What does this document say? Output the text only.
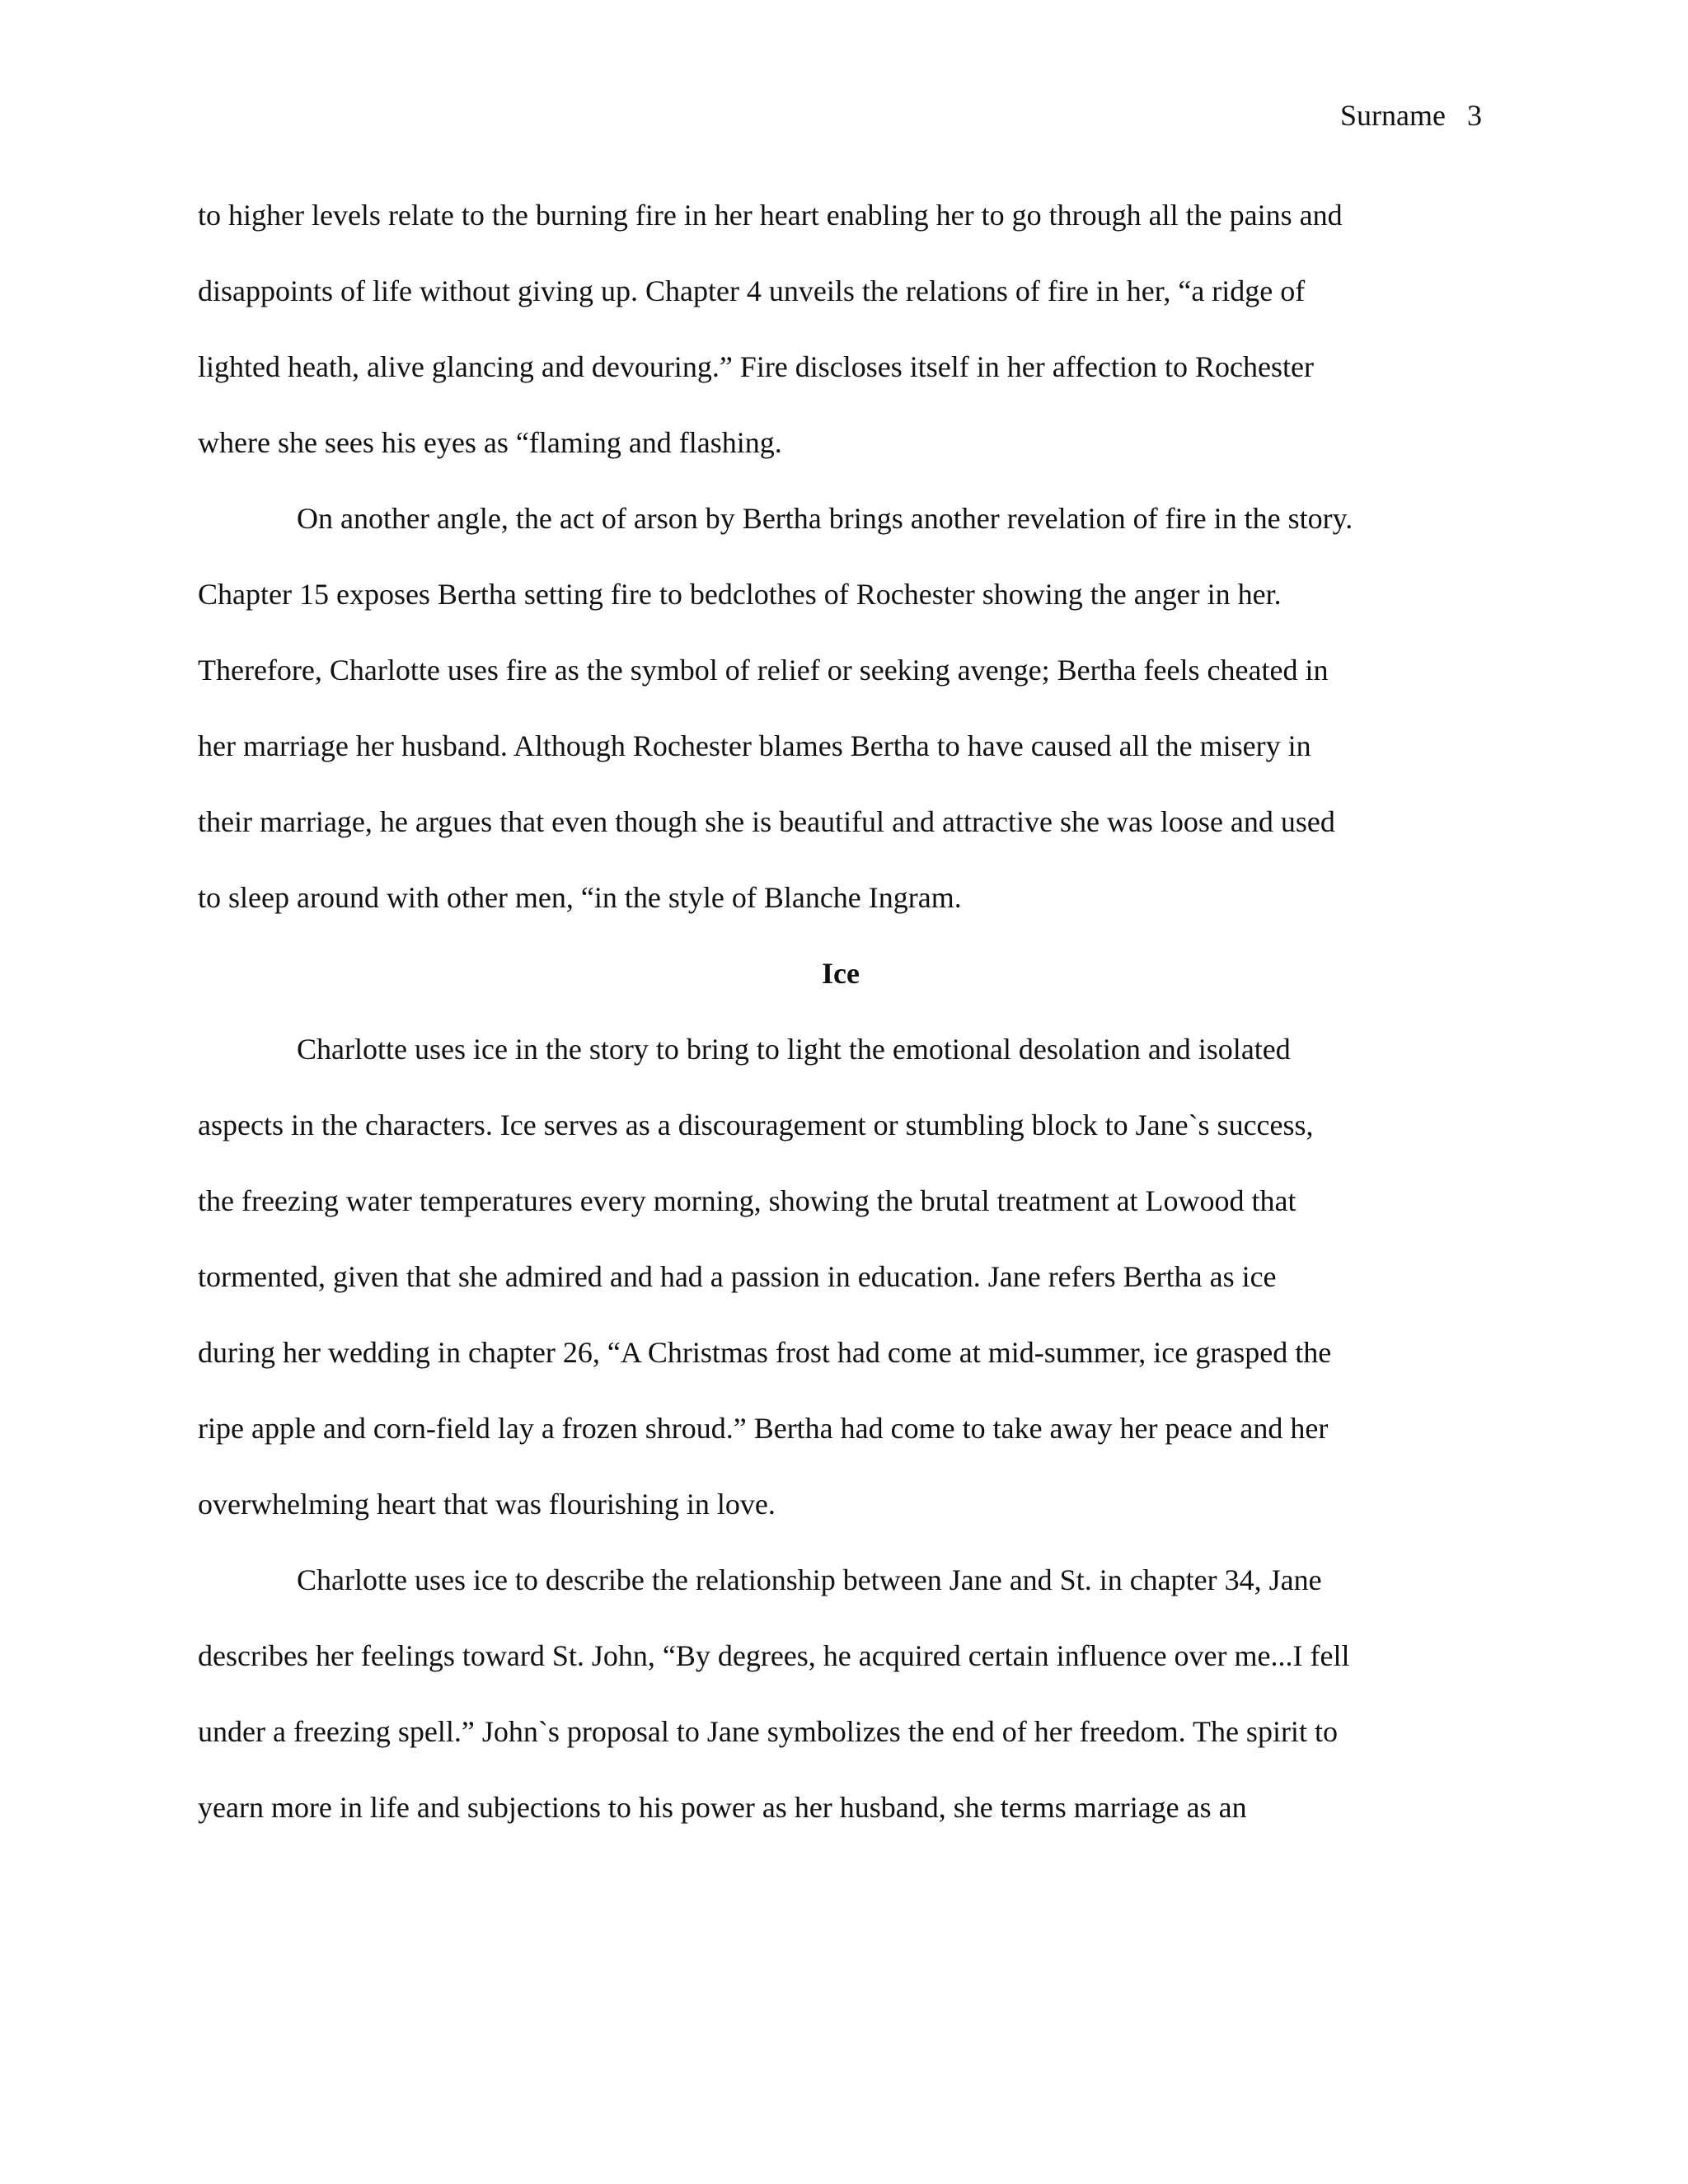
Surname 3
to higher levels relate to the burning fire in her heart enabling her to go through all the pains and
disappoints of life without giving up. Chapter 4 unveils the relations of fire in her, “a ridge of
lighted heath, alive glancing and devouring.” Fire discloses itself in her affection to Rochester
where she sees his eyes as “flaming and flashing.
On another angle, the act of arson by Bertha brings another revelation of fire in the story.
Chapter 15 exposes Bertha setting fire to bedclothes of Rochester showing the anger in her.
Therefore, Charlotte uses fire as the symbol of relief or seeking avenge; Bertha feels cheated in
her marriage her husband. Although Rochester blames Bertha to have caused all the misery in
their marriage, he argues that even though she is beautiful and attractive she was loose and used
to sleep around with other men, “in the style of Blanche Ingram.
Ice
Charlotte uses ice in the story to bring to light the emotional desolation and isolated
aspects in the characters. Ice serves as a discouragement or stumbling block to Jane`s success,
the freezing water temperatures every morning, showing the brutal treatment at Lowood that
tormented, given that she admired and had a passion in education. Jane refers Bertha as ice
during her wedding in chapter 26, “A Christmas frost had come at mid-summer, ice grasped the
ripe apple and corn-field lay a frozen shroud.” Bertha had come to take away her peace and her
overwhelming heart that was flourishing in love.
Charlotte uses ice to describe the relationship between Jane and St. in chapter 34, Jane
describes her feelings toward St. John, “By degrees, he acquired certain influence over me...I fell
under a freezing spell.” John`s proposal to Jane symbolizes the end of her freedom. The spirit to
yearn more in life and subjections to his power as her husband, she terms marriage as an
